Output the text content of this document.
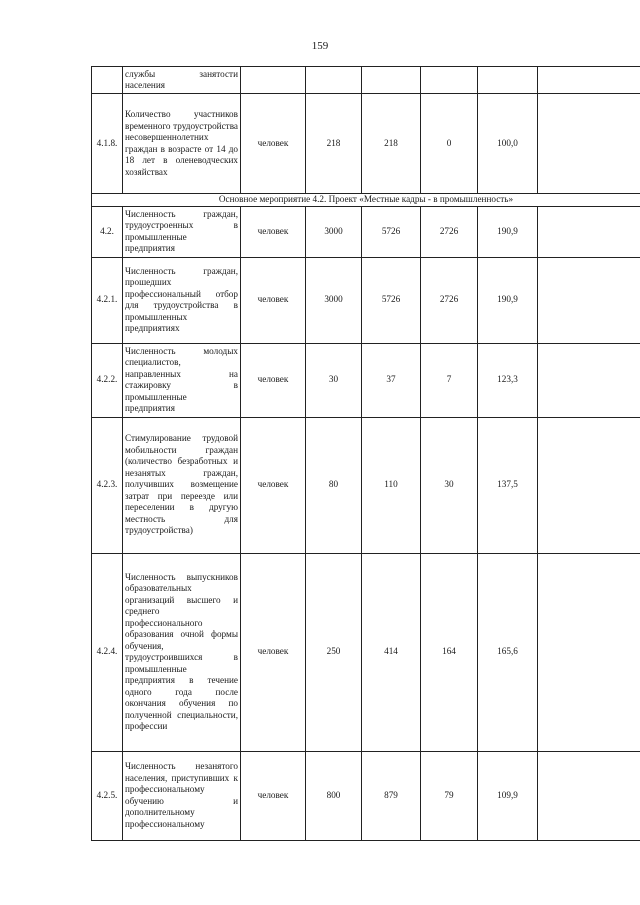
159
	службы занятости населения						
4.1.8.	Количество участников временного трудоустройства несовершеннолетних граждан в возрасте от 14 до 18 лет в оленеводческих хозяйствах	человек	218	218	0	100,0	
Основное мероприятие 4.2. Проект «Местные кадры - в промышленность»							
4.2.	Численность граждан, трудоустроенных в промышленные предприятия	человек	3000	5726	2726	190,9	
4.2.1.	Численность граждан, прошедших профессиональный отбор для трудоустройства в промышленных предприятиях	человек	3000	5726	2726	190,9	
4.2.2.	Численность молодых специалистов, направленных на стажировку в промышленные предприятия	человек	30	37	7	123,3	
4.2.3.	Стимулирование трудовой мобильности граждан (количество безработных и незанятых граждан, получивших возмещение затрат при переезде или переселении в другую местность для трудоустройства)	человек	80	110	30	137,5	
4.2.4.	Численность выпускников образовательных организаций высшего и среднего профессионального образования очной формы обучения, трудоустроившихся в промышленные предприятия в течение одного года после окончания обучения по полученной специальности, профессии	человек	250	414	164	165,6	
4.2.5.	Численность незанятого населения, приступивших к профессиональному обучению и дополнительному профессиональному	человек	800	879	79	109,9	
